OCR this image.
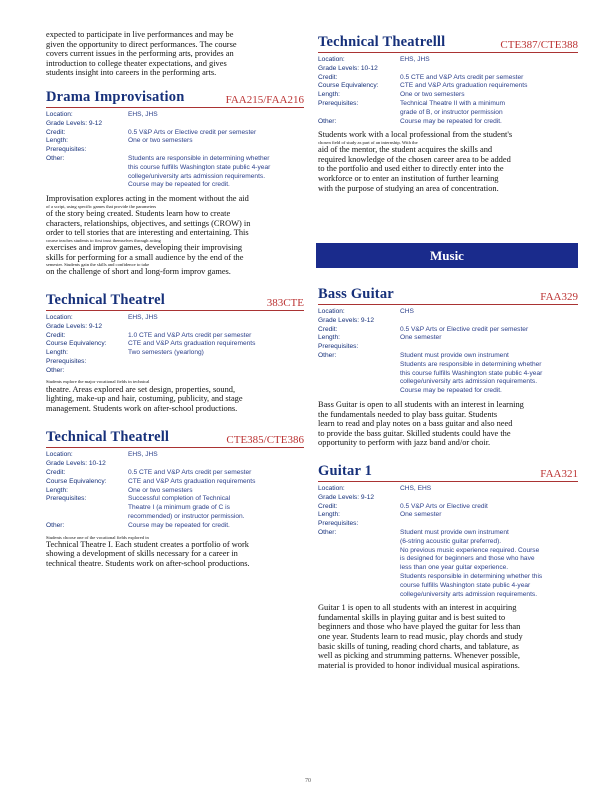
expected to participate in live performances and may be

given the opportunity to direct performances. The course

covers current issues in the performing arts, provides an

introduction to college theater expectations, and gives

students insight into careers in the performing arts.

Drama Improvisation	FAA215/FAA216
Location:	EHS, JHS
Grade Levels: 9-12
Credit:	0.5 V&P Arts or Elective credit per semester
Length:	One or two semesters
Prerequisites:
Other:	Students are responsible in determining whether
this course fulfills Washington state public 4-year
college/university arts admission requirements.
Course may be repeated for credit.

Improvisation explores acting in the moment without the aid

of a script, using specific games that provide the parameters

of the story being created. Students learn how to create

characters, relationships, objectives, and settings (CROW) in

order to tell stories that are interesting and entertaining. This

course teaches students to first trust themselves through acting

exercises and improv games, developing their improvising

skills for performing for a small audience by the end of the

semester. Students gain the skills and confidence to take

on the challenge of short and long-form improv games.

Technical Theatrel	383CTE
Location:	EHS, JHS
Grade Levels: 9-12
Credit:	1.0 CTE and V&P Arts credit per semester
Course Equivalency:	CTE and V&P Arts graduation requirements
Length:	Two semesters (yearlong)
Prerequisites:
Other:

Students explore the major vocational fields in technical

theatre. Areas explored are set design, properties, sound,

lighting, make-up and hair, costuming, publicity, and stage

management. Students work on after-school productions.

Technical Theatrell	CTE385/CTE386
Location:	EHS, JHS
Grade Levels: 10-12
Credit:	0.5 CTE and V&P Arts credit per semester
Course Equivalency:	CTE and V&P Arts graduation requirements
Length:	One or two semesters
Prerequisites:	Successful completion of Technical
Theatre I (a minimum grade of C is
recommended) or instructor permission.
Other:	Course may be repeated for credit.

Students choose one of the vocational fields explored in

Technical Theatre I. Each student creates a portfolio of work

showing a development of skills necessary for a career in

technical theatre. Students work on after-school productions.

Technical Theatrelll	CTE387/CTE388
Location:	EHS, JHS
Grade Levels: 10-12
Credit:	0.5 CTE and V&P Arts credit per semester
Course Equivalency:	CTE and V&P Arts graduation requirements
Length:	One or two semesters
Prerequisites:	Technical Theatre II with a minimum
grade of B, or instructor permission
Other:	Course may be repeated for credit.

Students work with a local professional from the student's

chosen field of study as part of an internship. With the

aid of the mentor, the student acquires the skills and

required knowledge of the chosen career area to be added

to the portfolio and used either to directly enter into the

workforce or to enter an institution of further learning

with the purpose of studying an area of concentration.

Music
Bass Guitar	FAA329
Location:	CHS
Grade Levels: 9-12
Credit:	0.5 V&P Arts or Elective credit per semester
Length:	One semester
Prerequisites:
Other:	Student must provide own instrument
Students are responsible in determining whether
this course fulfills Washington state public 4-year
college/university arts admission requirements.
Course may be repeated for credit.

Bass Guitar is open to all students with an interest in learning

the fundamentals needed to play bass guitar. Students

learn to read and play notes on a bass guitar and also need

to provide the bass guitar. Skilled students could have the

opportunity to perform with jazz band and/or choir.

Guitar 1	FAA321
Location:	CHS, EHS
Grade Levels: 9-12
Credit:	0.5 V&P Arts or Elective credit
Length:	One semester
Prerequisites:
Other:	Student must provide own instrument
(6-string acoustic guitar preferred).
No previous music experience required. Course
is designed for beginners and those who have
less than one year guitar experience.
Students responsible in determining whether this
course fulfills Washington state public 4-year
college/university arts admission requirements.

Guitar 1 is open to all students with an interest in acquiring

fundamental skills in playing guitar and is best suited to

beginners and those who have played the guitar for less than

one year. Students learn to read music, play chords and study

basic skills of tuning, reading chord charts, and tablature, as

well as picking and strumming patterns. Whenever possible,

material is provided to honor individual musical aspirations.

70
